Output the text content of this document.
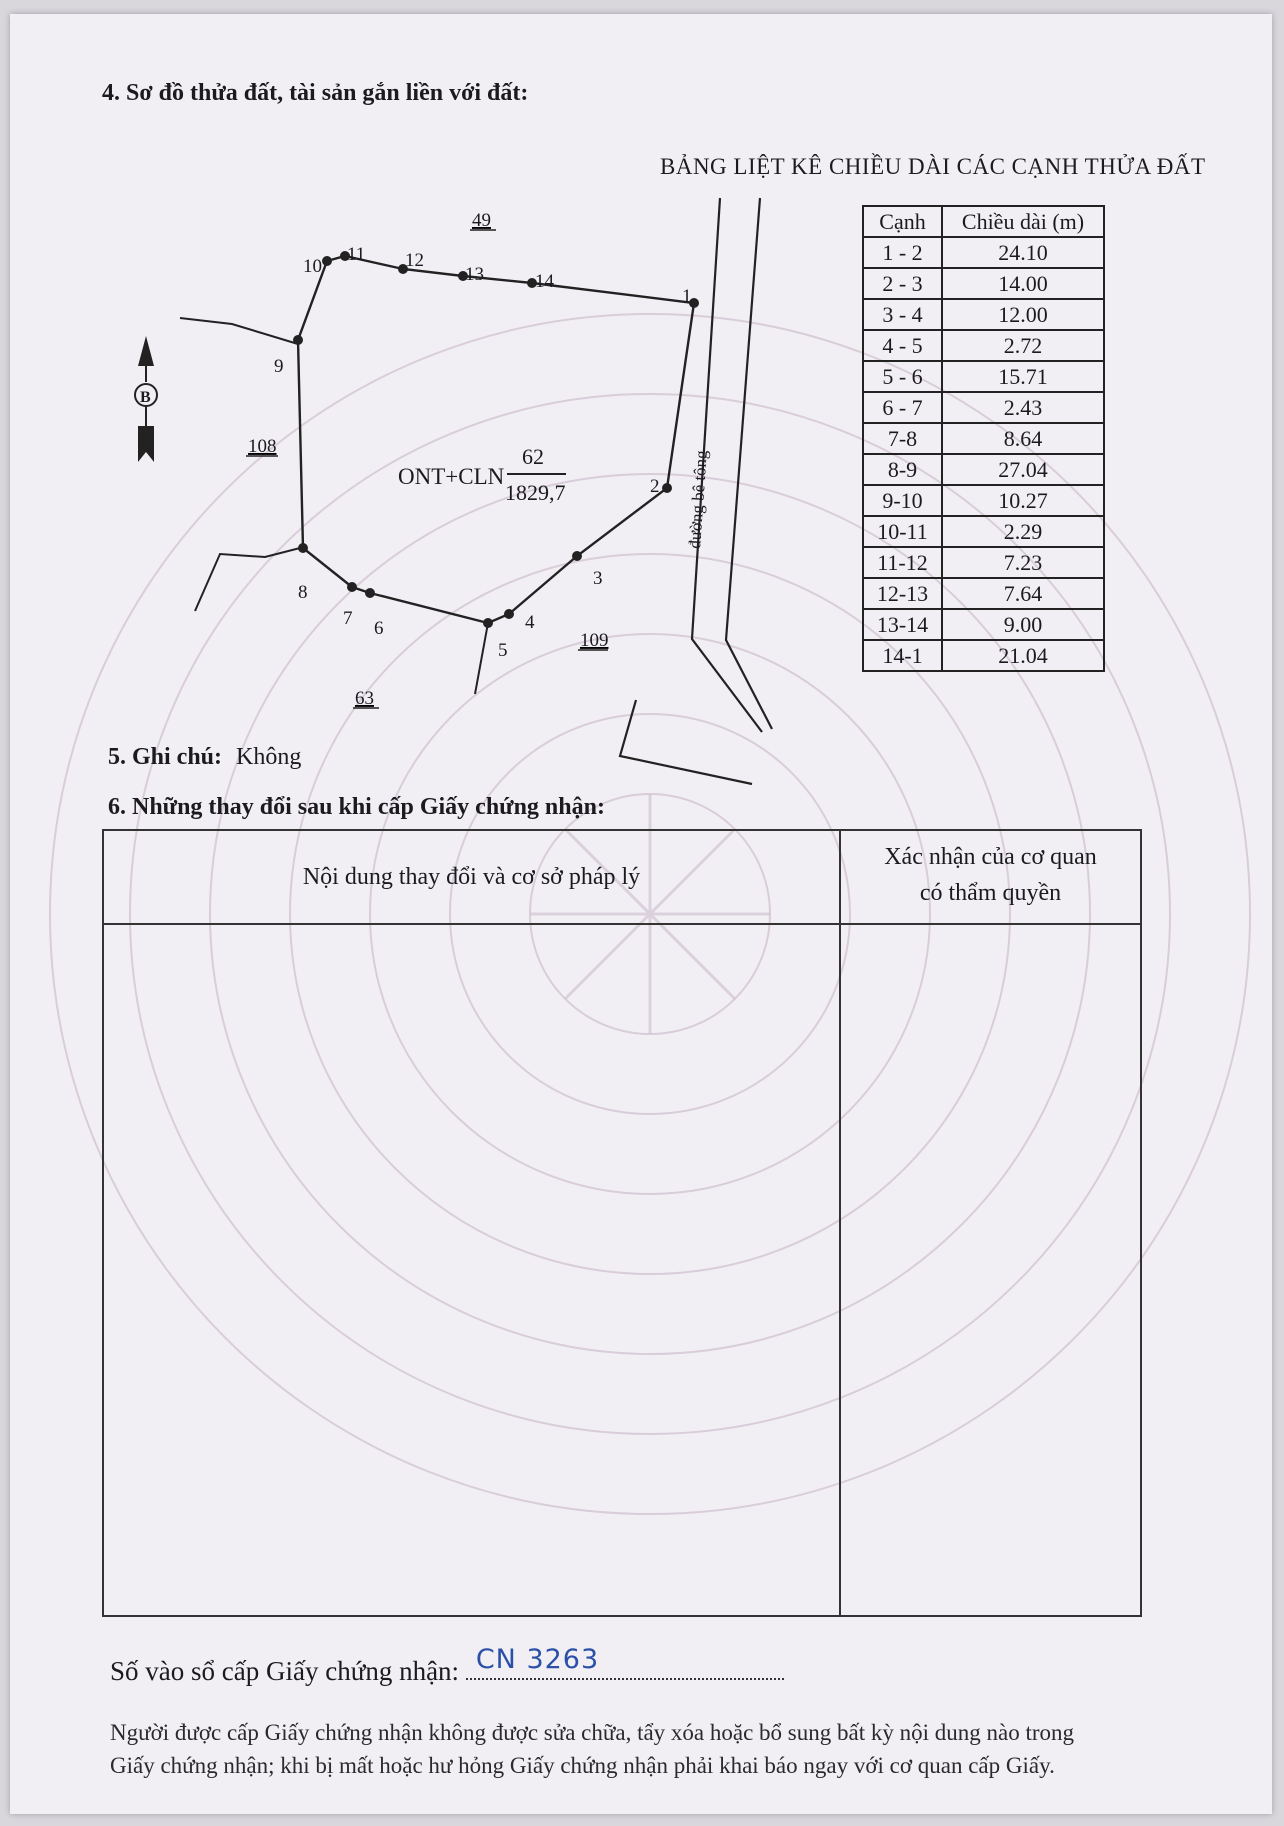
4. Sơ đồ thửa đất, tài sản gắn liền với đất:
BẢNG LIỆT KÊ CHIỀU DÀI CÁC CẠNH THỬA ĐẤT
1
2
3
4
5
6
7
8
9
10
11 12
13	14
49
108
63
109
ONT+CLN
62
1829,7	đường bê tông
B
Cạnh	Chiều dài (m)
1 - 2	24.10
2 - 3	14.00
3 - 4	12.00
4 - 5	2.72
5 - 6	15.71
6 - 7	2.43
7-8	8.64
8-9	27.04
9-10	10.27
10-11	2.29
11-12	7.23
12-13	7.64
13-14	9.00
14-1	21.04
5. Ghi chú: Không
6. Những thay đổi sau khi cấp Giấy chứng nhận:
Nội dung thay đổi và cơ sở pháp lý
Xác nhận của cơ quan
có thẩm quyền
Số vào sổ cấp Giấy chứng nhận: CN 3263
Người được cấp Giấy chứng nhận không được sửa chữa, tẩy xóa hoặc bổ sung bất kỳ nội dung nào trong
Giấy chứng nhận; khi bị mất hoặc hư hỏng Giấy chứng nhận phải khai báo ngay với cơ quan cấp Giấy.
